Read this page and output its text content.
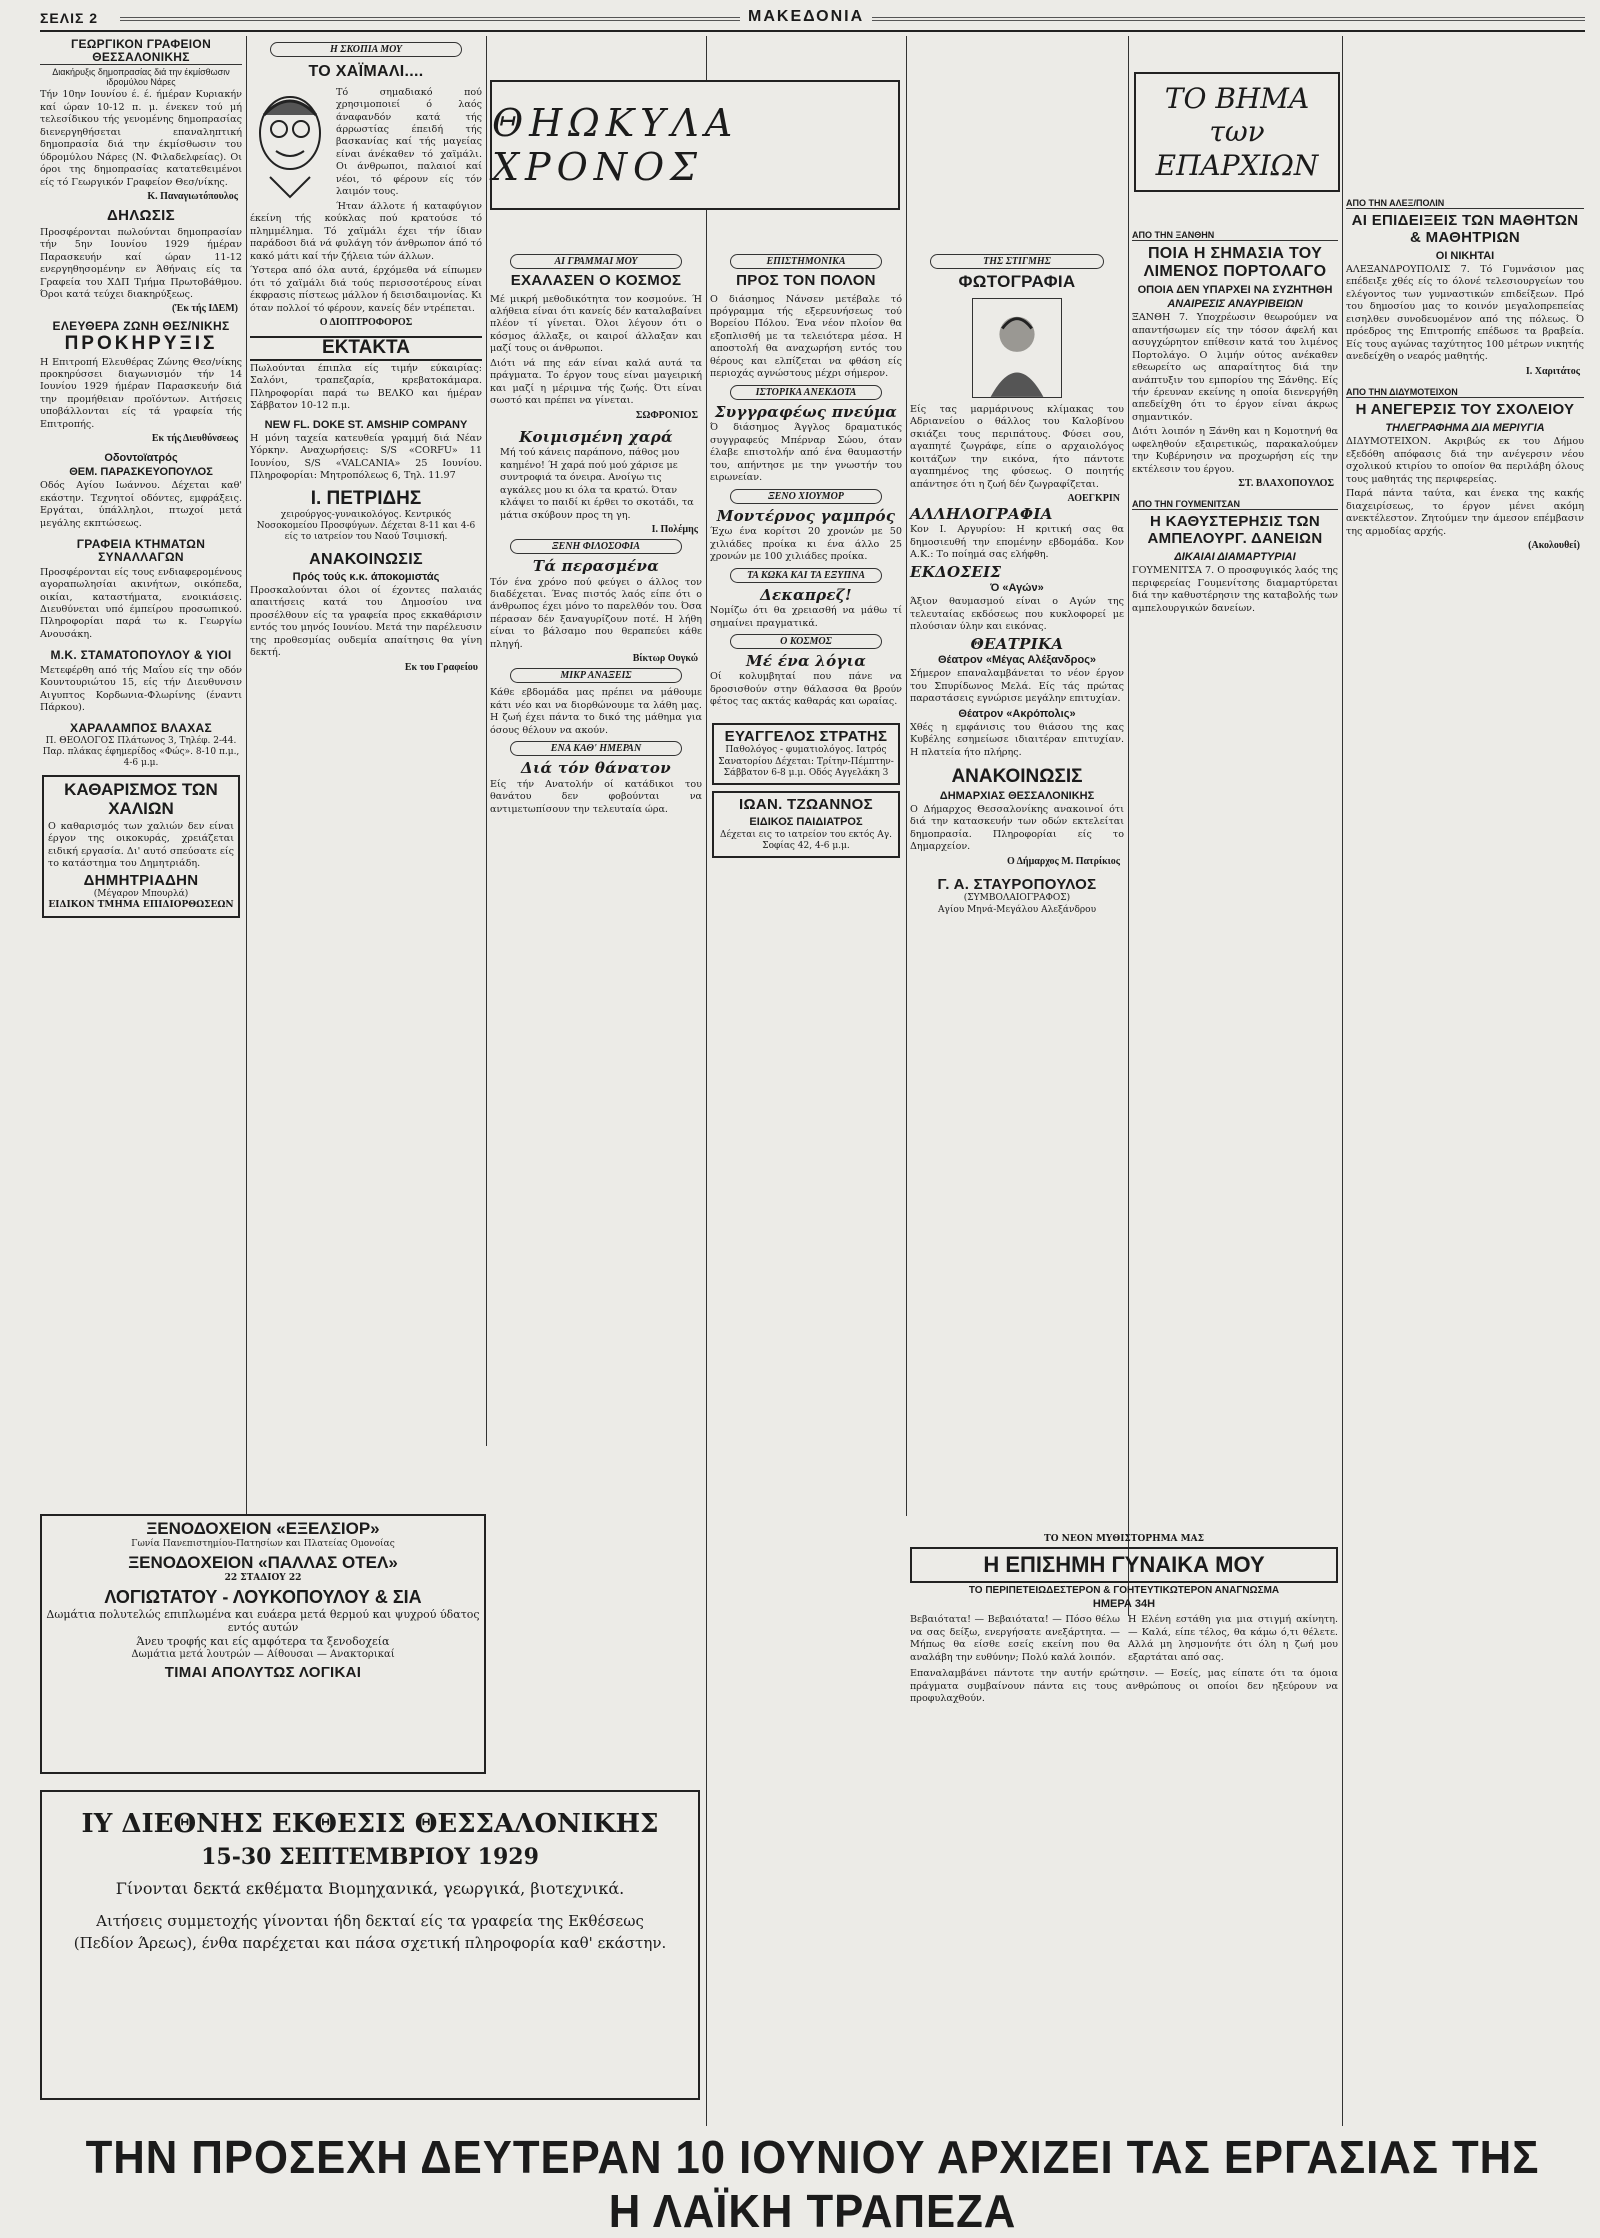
ΣΕΛΙΣ 2	ΜΑΚΕΔΟΝΙΑ
ΓΕΩΡΓΙΚΟΝ ΓΡΑΦΕΙΟΝ ΘΕΣΣΑΛΟΝΙΚΗΣ
Διακήρυξις δημοπρασίας διά την έκμίσθωσιν ιδρομύλου Νάρες

Τήν 10ην Ιουνίου έ. έ. ήμέραν Κυριακήν καί ώραν 10-12 π. μ. ένεκεν τού μή τελεσίδικου τής γενομένης δημοπρασίας διενεργηθήσεται επαναληπτική δημοπρασία διά την έκμίσθωσιν του ύδρομύλου Νάρες (Ν. Φιλαδελφείας). Οι όροι της δημοπρασίας κατατεθειμένοι είς τό Γεωργικόν Γραφείον Θεσ/νίκης.

Κ. Παναγιωτόπουλος
ΔΗΛΩΣΙΣ

Προσφέρονται πωλούνται δημοπρασίαν τήν 5ην Ιουνίου 1929 ήμέραν Παρασκευήν καί ώραν 11-12 ενεργηθησομένην εν Άθήναις είς τα Γραφεία του ΧΔΠ Τμήμα Πρωτοβάθμου. Όροι κατά τεύχει διακηρύξεως.

(Έκ τής ΙΔΕΜ)
ΕΛΕΥΘΕΡΑ ΖΩΝΗ ΘΕΣ/ΝΙΚΗΣ
ΠΡΟΚΗΡΥΞΙΣ

Η Επιτροπή Ελευθέρας Ζώνης Θεσ/νίκης προκηρύσσει διαγωνισμόν τήν 14 Ιουνίου 1929 ήμέραν Παρασκευήν διά την προμήθειαν προϊόντων. Αιτήσεις υποβάλλονται είς τά γραφεία τής Επιτροπής.

Εκ τής Διευθύνσεως
Οδοντοϊατρός
ΘΕΜ. ΠΑΡΑΣΚΕΥΟΠΟΥΛΟΣ

Οδός Αγίου Ιωάννου. Δέχεται καθ' εκάστην. Τεχνητοί οδόντες, εμφράξεις. Εργάται, ύπάλληλοι, πτωχοί μετά μεγάλης εκπτώσεως.

ΓΡΑΦΕΙΑ ΚΤΗΜΑΤΩΝ ΣΥΝΑΛΛΑΓΩΝ

Προσφέρονται είς τους ενδιαφερομένους αγοραπωλησίαι ακινήτων, οικόπεδα, οικίαι, καταστήματα, ενοικιάσεις. Διευθύνεται υπό έμπείρου προσωπικού. Πληροφορίαι παρά τω κ. Γεωργίω Ανουσάκη.

Μ.Κ. ΣΤΑΜΑΤΟΠΟΥΛΟΥ & ΥΙΟΙ

Μετεφέρθη από τής Μαΐου είς την οδόν Κουντουριώτου 15, είς τήν Διευθυνσιν Αιγυπτος Κορδωνια-Φλωρίνης (έναντι Πάρκου).

ΧΑΡΑΛΑΜΠΟΣ ΒΛΑΧΑΣ

Π. ΘΕΟΛΟΓΟΣ Πλάτωνος 3, Τηλέφ. 2-44. Παρ. πλάκας έφημερίδος «Φώς». 8-10 π.μ., 4-6 μ.μ.

ΚΑΘΑΡΙΣΜΟΣ ΤΩΝ ΧΑΛΙΩΝ

Ο καθαρισμός των χαλιών δεν είναι έργον της οικοκυράς, χρειάζεται ειδική εργασία. Δι' αυτό σπεύσατε είς το κατάστημα του Δημητριάδη.

ΔΗΜΗΤΡΙΑΔΗΝ
(Μέγαρον Μπουρλά)
ΕΙΔΙΚΟΝ ΤΜΗΜΑ ΕΠΙΔΙΟΡΘΩΣΕΩΝ
Η ΣΚΟΠΙΑ ΜΟΥ
ΤΟ ΧΑΪΜΑΛΙ....

Τό σημαδιακό πού χρησιμοποιεί ό λαός άναφανδόν κατά τής άρρωστίας έπειδή τής βασκανίας καί τής μαγείας είναι άνέκαθεν τό χαϊμάλι. Οι άνθρωποι, παλαιοί καί νέοι, τό φέρουν είς τόν λαιμόν τους.

Ήταν άλλοτε ή καταφύγιον έκείνη τής κούκλας πού κρατούσε τό πλημμέλημα. Τό χαϊμάλι έχει τήν ίδιαν παράδοσι διά νά φυλάγη τόν άνθρωπον άπό τό κακό μάτι καί τήν ζήλεια τών άλλων.

Ύστερα από όλα αυτά, έρχόμεθα νά είπωμεν ότι τό χαϊμάλι διά τούς περισσοτέρους είναι έκφρασις πίστεως μάλλον ή δεισιδαιμονίας. Κι όταν πολλοί τό φέρουν, κανείς δέν ντρέπεται.

Ο ΔΙΟΠΤΡΟΦΟΡΟΣ
ΕΚΤΑΚΤΑ

Πωλούνται έπιπλα είς τιμήν εύκαιρίας: Σαλόνι, τραπεζαρία, κρεβατοκάμαρα. Πληροφορίαι παρά τω ΒΕΛΚΟ και ήμέραν Σάββατον 10-12 π.μ.

NEW FL. DOKE ST. AMSHIP COMPANY

Η μόνη ταχεία κατευθεία γραμμή διά Νέαν Υόρκην. Αναχωρήσεις: S/S «CORFU» 11 Ιουνίου, S/S «VALCANIA» 25 Ιουνίου. Πληροφορίαι: Μητροπόλεως 6, Τηλ. 11.97

Ι. ΠΕΤΡΙΔΗΣ

χειρούργος-γυναικολόγος. Κεντρικός Νοσοκομείου Προσφύγων. Δέχεται 8-11 και 4-6 είς το ιατρείον του Ναού Τσιμισκή.

ΑΝΑΚΟΙΝΩΣΙΣ
Πρός τούς κ.κ. άποκομιστάς

Προσκαλούνται όλοι οί έχοντες παλαιάς απαιτήσεις κατά του Δημοσίου ινα προσέλθουν είς τα γραφεία προς εκκαθάρισιν εντός του μηνός Ιουνίου. Μετά την παρέλευσιν της προθεσμίας ουδεμία απαίτησις θα γίνη δεκτή.

Εκ του Γραφείου
ΘΗΩΚΥΛΑ ΧΡΟΝΟΣ
ΑΙ ΓΡΑΜΜΑΙ ΜΟΥ
ΕΧΑΛΑΣΕΝ Ο ΚΟΣΜΟΣ

Μέ μικρή μεθοδικότητα τον κοσμούνε. Ή αλήθεια είναι ότι κανείς δέν καταλαβαίνει πλέον τί γίνεται. Όλοι λέγουν ότι ο κόσμος άλλαξε, οι καιροί άλλαξαν και μαζί τους οι άνθρωποι.

Διότι νά πης εάν είναι καλά αυτά τα πράγματα. Το έργον τους είναι μαγειρική και μαζί η μέριμνα τής ζωής. Ότι είναι σωστό και πρέπει να γίνεται.

ΣΩΦΡΟΝΙΟΣ
Κοιμισμένη χαρά

Μή τού κάνεις παράπονο, πάθος μου καημένο! Ή χαρά πού μού χάρισε με συντροφιά τα όνειρα. Ανοίγω τις αγκάλες μου κι όλα τα κρατώ. Όταν κλάψει το παιδί κι έρθει το σκοτάδι, τα μάτια σκύβουν προς τη γη.

Ι. Πολέμης
ΞΕΝΗ ΦΙΛΟΣΟΦΙΑ
Τά περασμένα

Τόν ένα χρόνο πού φεύγει ο άλλος τον διαδέχεται. Ένας πιστός λαός είπε ότι ο άνθρωπος έχει μόνο το παρελθόν του. Όσα πέρασαν δέν ξαναγυρίζουν ποτέ. Η λήθη είναι το βάλσαμο που θεραπεύει κάθε πληγή.

Βίκτωρ Ουγκώ
ΜΙΚΡ ΑΝΑΞΕΙΣ

Κάθε εβδομάδα μας πρέπει να μάθουμε κάτι νέο και να διορθώνουμε τα λάθη μας. Η ζωή έχει πάντα το δικό της μάθημα για όσους θέλουν να ακούν.

ΕΝΑ ΚΑΘ' ΗΜΕΡΑΝ
Διά τόν θάνατον

Είς τήν Ανατολήν οί κατάδικοι του θανάτου δεν φοβούνται να αντιμετωπίσουν την τελευταία ώρα.

ΕΠΙΣΤΗΜΟΝΙΚΑ
ΠΡΟΣ ΤΟΝ ΠΟΛΟΝ

Ο διάσημος Νάνσεν μετέβαλε τό πρόγραμμα τής εξερευνήσεως τού Βορείου Πόλου. Ένα νέον πλοίον θα εξοπλισθή με τα τελειότερα μέσα. Η αποστολή θα αναχωρήση εντός του θέρους και ελπίζεται να φθάση είς περιοχάς αγνώστους μέχρι σήμερον.

ΙΣΤΟΡΙΚΑ ΑΝΕΚΔΟΤΑ
Συγγραφέως πνεύμα

Ό διάσημος Άγγλος δραματικός συγγραφεύς Μπέρναρ Σώου, όταν έλαβε επιστολήν από ένα θαυμαστήν του, απήντησε με την γνωστήν του ειρωνείαν.

ΞΕΝΟ ΧΙΟΥΜΟΡ
Μοντέρνος γαμπρός

Έχω ένα κορίτσι 20 χρονών με 50 χιλιάδες προίκα κι ένα άλλο 25 χρονών με 100 χιλιάδες προίκα.

ΤΑ ΚΩΚΑ ΚΑΙ ΤΑ ΕΞΥΠΝΑ
Δεκαπρεζ!

Νομίζω ότι θα χρειασθή να μάθω τί σημαίνει πραγματικά.

Ο ΚΟΣΜΟΣ
Μέ ένα λόγια

Οί κολυμβηταί που πάνε να δροσισθούν στην θάλασσα θα βρούν φέτος τας ακτάς καθαράς και ωραίας.

ΕΥΑΓΓΕΛΟΣ ΣΤΡΑΤΗΣ

Παθολόγος - φυματιολόγος. Ιατρός Σανατορίου Δέχεται: Τρίτην-Πέμπτην-Σάββατον 6-8 μ.μ. Οδός Αγγελάκη 3

ΙΩΑΝ. ΤΖΩΑΝΝΟΣ
ΕΙΔΙΚΟΣ ΠΑΙΔΙΑΤΡΟΣ

Δέχεται εις το ιατρείον του εκτός Αγ. Σοφίας 42, 4-6 μ.μ.

ΤΗΣ ΣΤΙΓΜΗΣ
ΦΩΤΟΓΡΑΦΙΑ

Είς τας μαρμάρινους κλίμακας του Αδριανείου ο θάλλος του Καλοβίνου σκιάζει τους περιπάτους. Φύσει σου, αγαπητέ ζωγράφε, είπε ο αρχαιολόγος κοιτάζων την εικόνα, ήτο πάντοτε αγαπημένος της φύσεως. Ο ποιητής απάντησε ότι η ζωή δέν ζωγραφίζεται.

ΑΟΕΓΚΡΙΝ
ΑΛΛΗΛΟΓΡΑΦΙΑ

Κον Ι. Αργυρίου: Η κριτική σας θα δημοσιευθή την επομένην εβδομάδα. Κον Α.Κ.: Το ποίημά σας ελήφθη.

ΕΚΔΟΣΕΙΣ
Ό «Αγών»

Άξιον θαυμασμού είναι ο Αγών της τελευταίας εκδόσεως που κυκλοφορεί με πλούσιαν ύλην και εικόνας.

ΘΕΑΤΡΙΚΑ
Θέατρον «Μέγας Αλέξανδρος»

Σήμερον επαναλαμβάνεται το νέον έργον του Σπυρίδωνος Μελά. Είς τάς πρώτας παραστάσεις εγνώρισε μεγάλην επιτυχίαν.

Θέατρον «Ακρόπολις»

Χθές η εμφάνισις του θιάσου της κας Κυβέλης εσημείωσε ιδιαιτέραν επιτυχίαν. Η πλατεία ήτο πλήρης.

ΑΝΑΚΟΙΝΩΣΙΣ
ΔΗΜΑΡΧΙΑΣ ΘΕΣΣΑΛΟΝΙΚΗΣ

Ο Δήμαρχος Θεσσαλονίκης ανακοινοί ότι διά την κατασκευήν των οδών εκτελείται δημοπρασία. Πληροφορίαι είς το Δημαρχείον.

Ο Δήμαρχος Μ. Πατρίκιος
Γ. Α. ΣΤΑΥΡΟΠΟΥΛΟΣ
(ΣΥΜΒΟΛΑΙΟΓΡΑΦΟΣ)
Αγίου Μηνά-Μεγάλου Αλεξάνδρου
ΤΟ ΒΗΜΑ των ΕΠΑΡΧΙΩΝ
ΑΠΟ ΤΗΝ ΞΑΝΘΗΝ
ΠΟΙΑ Η ΣΗΜΑΣΙΑ ΤΟΥ ΛΙΜΕΝΟΣ ΠΟΡΤΟΛΑΓΟ
ΟΠΟΙΑ ΔΕΝ ΥΠΑΡΧΕΙ ΝΑ ΣΥΖΗΤΗΘΗ
ΑΝΑΙΡΕΣΙΣ ΑΝΑΥΡΙΒΕΙΩΝ

ΞΑΝΘΗ 7. Υποχρέωσιν θεωρούμεν να απαντήσωμεν είς την τόσον άφελή και ασυγχώρητον επίθεσιν κατά του λιμένος Πορτολάγο. Ο λιμήν ούτος ανέκαθεν εθεωρείτο ως απαραίτητος διά την ανάπτυξιν του εμπορίου της Ξάνθης. Είς τήν έρευναν εκείνης η οποία διενεργήθη απεδείχθη ότι το έργον είναι άκρως σημαντικόν.

Διότι λοιπόν η Ξάνθη και η Κομοτηνή θα ωφεληθούν εξαιρετικώς, παρακαλούμεν την Κυβέρνησιν να προχωρήση είς την εκτέλεσιν του έργου.

ΣΤ. ΒΛΑΧΟΠΟΥΛΟΣ
ΑΠΟ ΤΗΝ ΓΟΥΜΕΝΙΤΣΑΝ
Η ΚΑΘΥΣΤΕΡΗΣΙΣ ΤΩΝ ΑΜΠΕΛΟΥΡΓ. ΔΑΝΕΙΩΝ
ΔΙΚΑΙΑΙ ΔΙΑΜΑΡΤΥΡΙΑΙ

ΓΟΥΜΕΝΙΤΣΑ 7. Ο προσφυγικός λαός της περιφερείας Γουμενίτσης διαμαρτύρεται διά την καθυστέρησιν της καταβολής των αμπελουργικών δανείων.

ΑΠΟ ΤΗΝ ΑΛΕΞ/ΠΟΛΙΝ
ΑΙ ΕΠΙΔΕΙΞΕΙΣ ΤΩΝ ΜΑΘΗΤΩΝ & ΜΑΘΗΤΡΙΩΝ
ΟΙ ΝΙΚΗΤΑΙ

ΑΛΕΞΑΝΔΡΟΥΠΟΛΙΣ 7. Τό Γυμνάσιον μας επέδειξε χθές είς το όλονέ τελεσιουργείων του ελέγοντος των γυμναστικών επιδείξεων. Πρό του δημοσίου μας το κοινόν μεγαλοπρεπείας εισηλθεν συνοδευομένον από της πόλεως. Ό πρόεδρος της Επιτροπής επέδωσε τα βραβεία. Είς τους αγώνας ταχύτητος 100 μέτρων νικητής ανεδείχθη ο νεαρός μαθητής.

Ι. Χαριτάτος
ΑΠΟ ΤΗΝ ΔΙΔΥΜΟΤΕΙΧΟΝ
Η ΑΝΕΓΕΡΣΙΣ ΤΟΥ ΣΧΟΛΕΙΟΥ
ΤΗΛΕΓΡΑΦΗΜΑ ΔΙΑ ΜΕΡΙΥΓΙΑ

ΔΙΔΥΜΟΤΕΙΧΟΝ. Ακριβώς εκ του Δήμου εξεδόθη απόφασις διά την ανέγερσιν νέου σχολικού κτιρίου το οποίον θα περιλάβη όλους τους μαθητάς της περιφερείας.

Παρά πάντα ταύτα, και ένεκα της κακής διαχειρίσεως, το έργον μένει ακόμη ανεκτέλεστον. Ζητούμεν την άμεσον επέμβασιν της αρμοδίας αρχής.

(Ακολουθεί)
ΤΟ ΝΕΟΝ ΜΥΘΙΣΤΟΡΗΜΑ ΜΑΣ
Η ΕΠΙΣΗΜΗ ΓΥΝΑΙΚΑ ΜΟΥ
ΤΟ ΠΕΡΙΠΕΤΕΙΩΔΕΣΤΕΡΟΝ & ΓΟΗΤΕΥΤΙΚΩΤΕΡΟΝ ΑΝΑΓΝΩΣΜΑ
ΗΜΕΡΑ 34Η

Βεβαιότατα! — Βεβαιότατα! — Πόσο θέλω να σας δείξω, ενεργήσατε ανεξάρτητα. — Μήπως θα είσθε εσείς εκείνη που θα αναλάβη την ευθύνην; Πολύ καλά λοιπόν.

Η Ελένη εστάθη για μια στιγμή ακίνητη. — Καλά, είπε τέλος, θα κάμω ό,τι θέλετε. Αλλά μη λησμονήτε ότι όλη η ζωή μου εξαρτάται από σας.

Επαναλαμβάνει πάντοτε την αυτήν ερώτησιν. — Εσείς, μας είπατε ότι τα όμοια πράγματα συμβαίνουν πάντα εις τους ανθρώπους οι οποίοι δεν ηξεύρουν να προφυλαχθούν.

ΞΕΝΟΔΟΧΕΙΟΝ «ΕΞΕΛΣΙΟΡ»
Γωνία Πανεπιστημίου-Πατησίων και Πλατείας Ομονοίας
ΞΕΝΟΔΟΧΕΙΟΝ «ΠΑΛΛΑΣ ΟΤΕΛ»
22 ΣΤΑΔΙΟΥ 22
ΛΟΓΙΩΤΑΤΟΥ - ΛΟΥΚΟΠΟΥΛΟΥ & ΣΙΑ
Δωμάτια πολυτελώς επιπλωμένα και ευάερα μετά θερμού και ψυχρού ύδατος εντός αυτών
Άνευ τροφής και είς αμφότερα τα ξενοδοχεία
Δωμάτια μετά λουτρών — Αίθουσαι — Ανακτορικαί
ΤΙΜΑΙ ΑΠΟΛΥΤΩΣ ΛΟΓΙΚΑΙ
ΙΥ ΔΙΕΘΝΗΣ ΕΚΘΕΣΙΣ ΘΕΣΣΑΛΟΝΙΚΗΣ
15-30 ΣΕΠΤΕΜΒΡΙΟΥ 1929
Γίνονται δεκτά εκθέματα Βιομηχανικά, γεωργικά, βιοτεχνικά.
Αιτήσεις συμμετοχής γίνονται ήδη δεκταί είς τα γραφεία της Εκθέσεως (Πεδίον Άρεως), ένθα παρέχεται και πάσα σχετική πληροφορία καθ' εκάστην.
ΤΗΝ ΠΡΟΣΕΧΗ ΔΕΥΤΕΡΑΝ 10 ΙΟΥΝΙΟΥ ΑΡΧΙΖΕΙ ΤΑΣ ΕΡΓΑΣΙΑΣ ΤΗΣ Η ΛΑΪΚΗ ΤΡΑΠΕΖΑ
